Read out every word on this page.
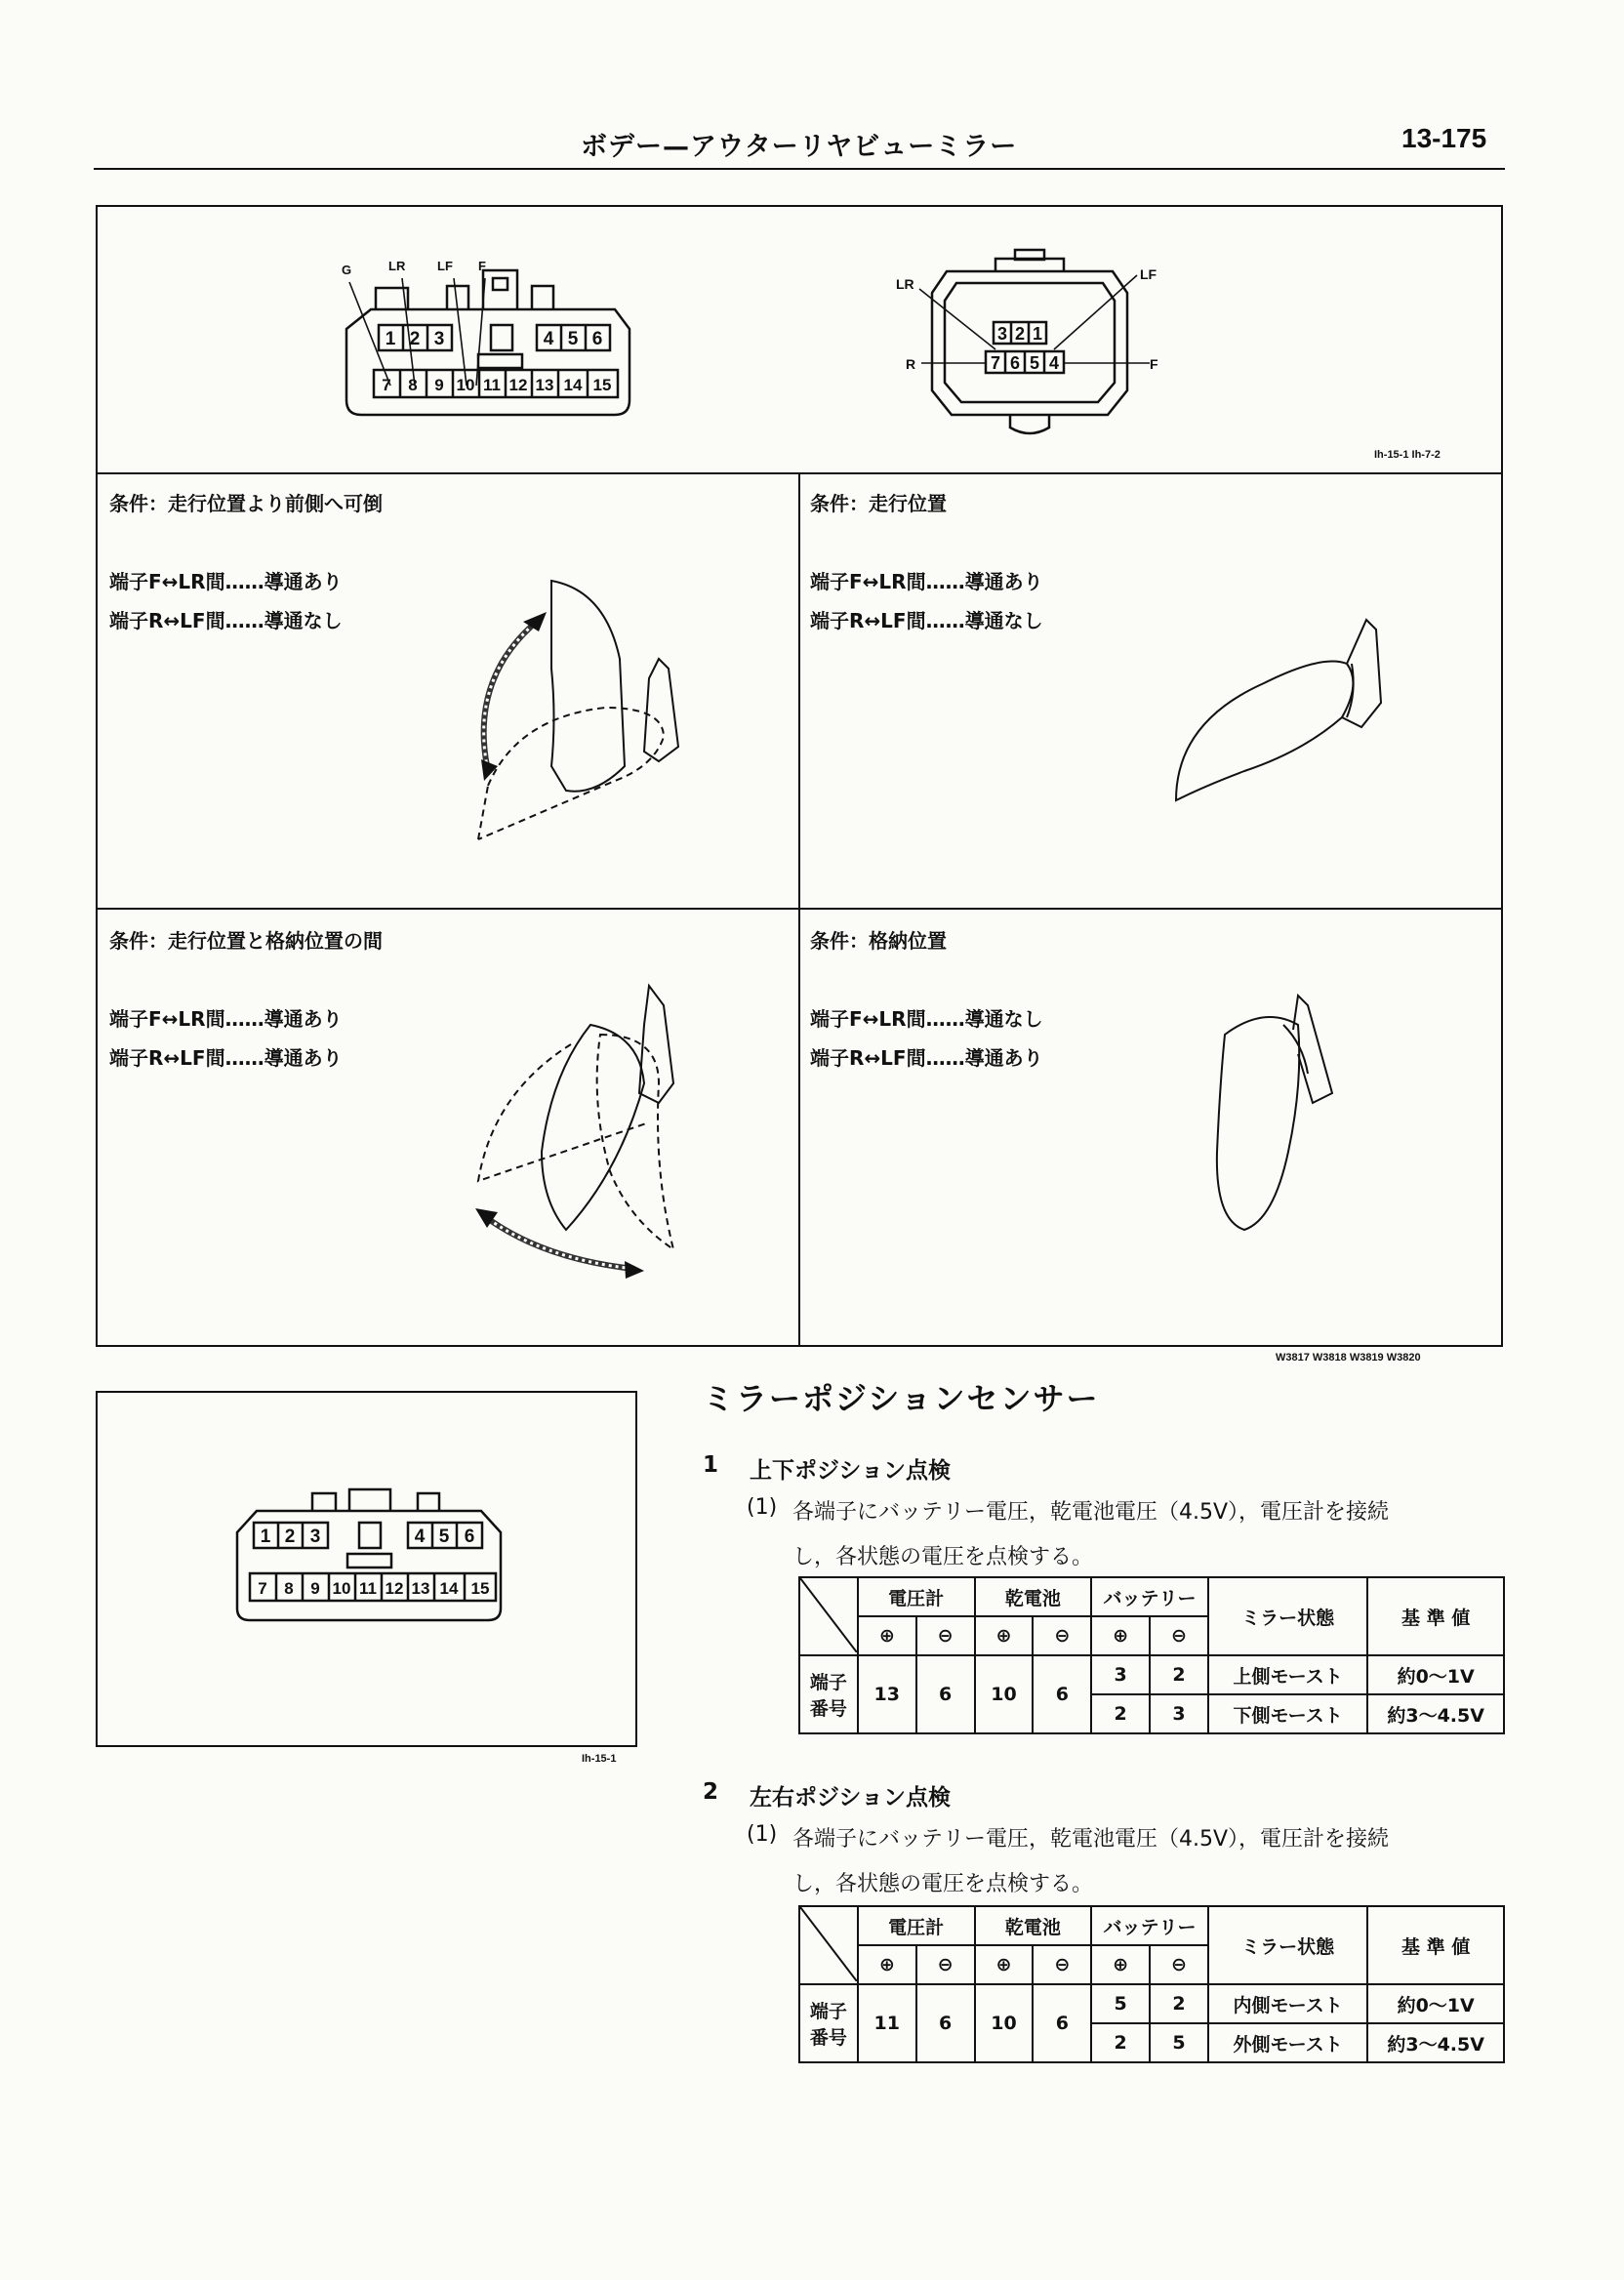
ボデー—アウターリヤビューミラー	13-175
G	LR	LF F
1 2 3	4 5 6
7 8 9 10 11 12 13 14 15
LR
LF
R	F
3 2 1
7 6 5 4
Ih-15-1 Ih-7-2
条件：走行位置より前側へ可倒
端子F↔LR間……導通あり
端子R↔LF間……導通なし
条件：走行位置
端子F↔LR間……導通あり
端子R↔LF間……導通なし
条件：走行位置と格納位置の間
端子F↔LR間……導通あり
端子R↔LF間……導通あり
条件：格納位置
端子F↔LR間……導通なし
端子R↔LF間……導通あり
W3817 W3818 W3819 W3820
1 2 3	4 5 6
7 8 9 10 11 12 13 14 15
Ih-15-1
ミラーポジションセンサー
1 上下ポジション点検
(1) 各端子にバッテリー電圧，乾電池電圧（4.5V），電圧計を接続
し，各状態の電圧を点検する。
	電圧計		乾電池		バッテリー		ミラー状態	基 準 値
	⊕	⊖	⊕	⊖	⊕	⊖		
端子
番号	13	6	10	6	3	2	上側モースト	約0〜1V
					2	3	下側モースト	約3〜4.5V
2 左右ポジション点検
(1) 各端子にバッテリー電圧，乾電池電圧（4.5V），電圧計を接続
し，各状態の電圧を点検する。
	電圧計		乾電池		バッテリー		ミラー状態	基 準 値
	⊕	⊖	⊕	⊖	⊕	⊖		
端子
番号	11	6	10	6	5	2	内側モースト	約0〜1V
					2	5	外側モースト	約3〜4.5V
